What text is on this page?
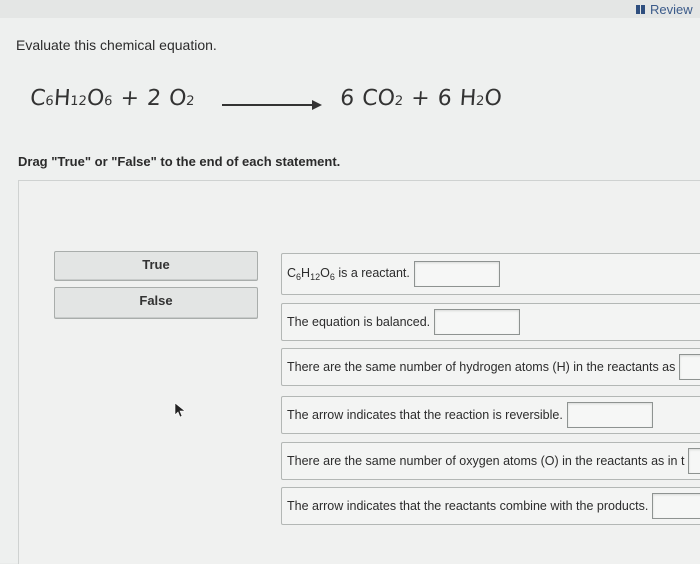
Review
Evaluate this chemical equation.
C
6
H
12
O
6 + 2 O
2	6 CO
2 + 6 H
2
O
Drag "True" or "False" to the end of each statement.
True
False
$C_6H_{12}O_6$ is a reactant.
The equation is balanced.
There are the same number of hydrogen atoms (H) in the reactants as
The arrow indicates that the reaction is reversible.
There are the same number of oxygen atoms (O) in the reactants as in t
The arrow indicates that the reactants combine with the products.
